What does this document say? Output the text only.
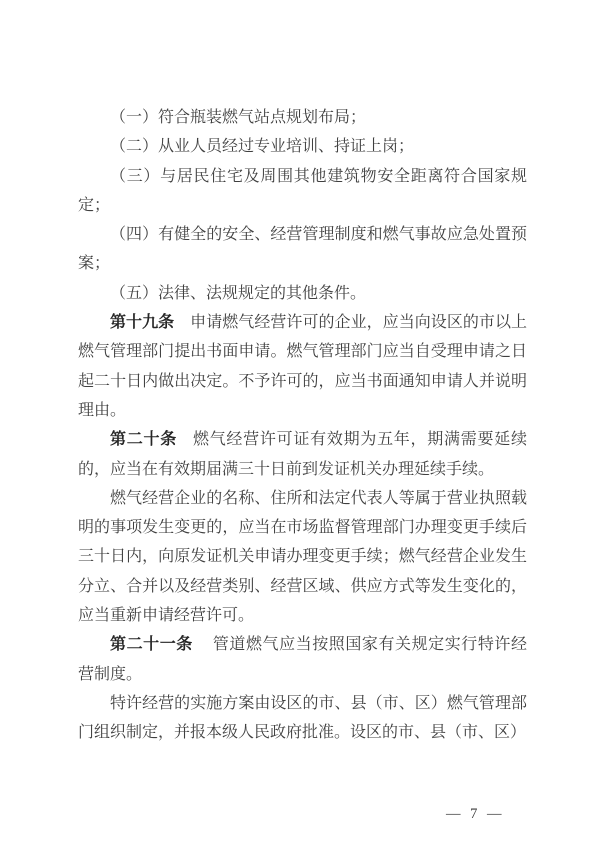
（一）符合瓶装燃气站点规划布局；

（二）从业人员经过专业培训、持证上岗；

（三）与居民住宅及周围其他建筑物安全距离符合国家规定；

（四）有健全的安全、经营管理制度和燃气事故应急处置预案；

（五）法律、法规规定的其他条件。

第十九条 申请燃气经营许可的企业，应当向设区的市以上燃气管理部门提出书面申请。燃气管理部门应当自受理申请之日起二十日内做出决定。不予许可的，应当书面通知申请人并说明理由。

第二十条 燃气经营许可证有效期为五年，期满需要延续的，应当在有效期届满三十日前到发证机关办理延续手续。

燃气经营企业的名称、住所和法定代表人等属于营业执照载明的事项发生变更的，应当在市场监督管理部门办理变更手续后三十日内，向原发证机关申请办理变更手续；燃气经营企业发生分立、合并以及经营类别、经营区域、供应方式等发生变化的，应当重新申请经营许可。

第二十一条 管道燃气应当按照国家有关规定实行特许经营制度。

特许经营的实施方案由设区的市、县（市、区）燃气管理部门组织制定，并报本级人民政府批准。设区的市、县（市、区）

— 7 —
